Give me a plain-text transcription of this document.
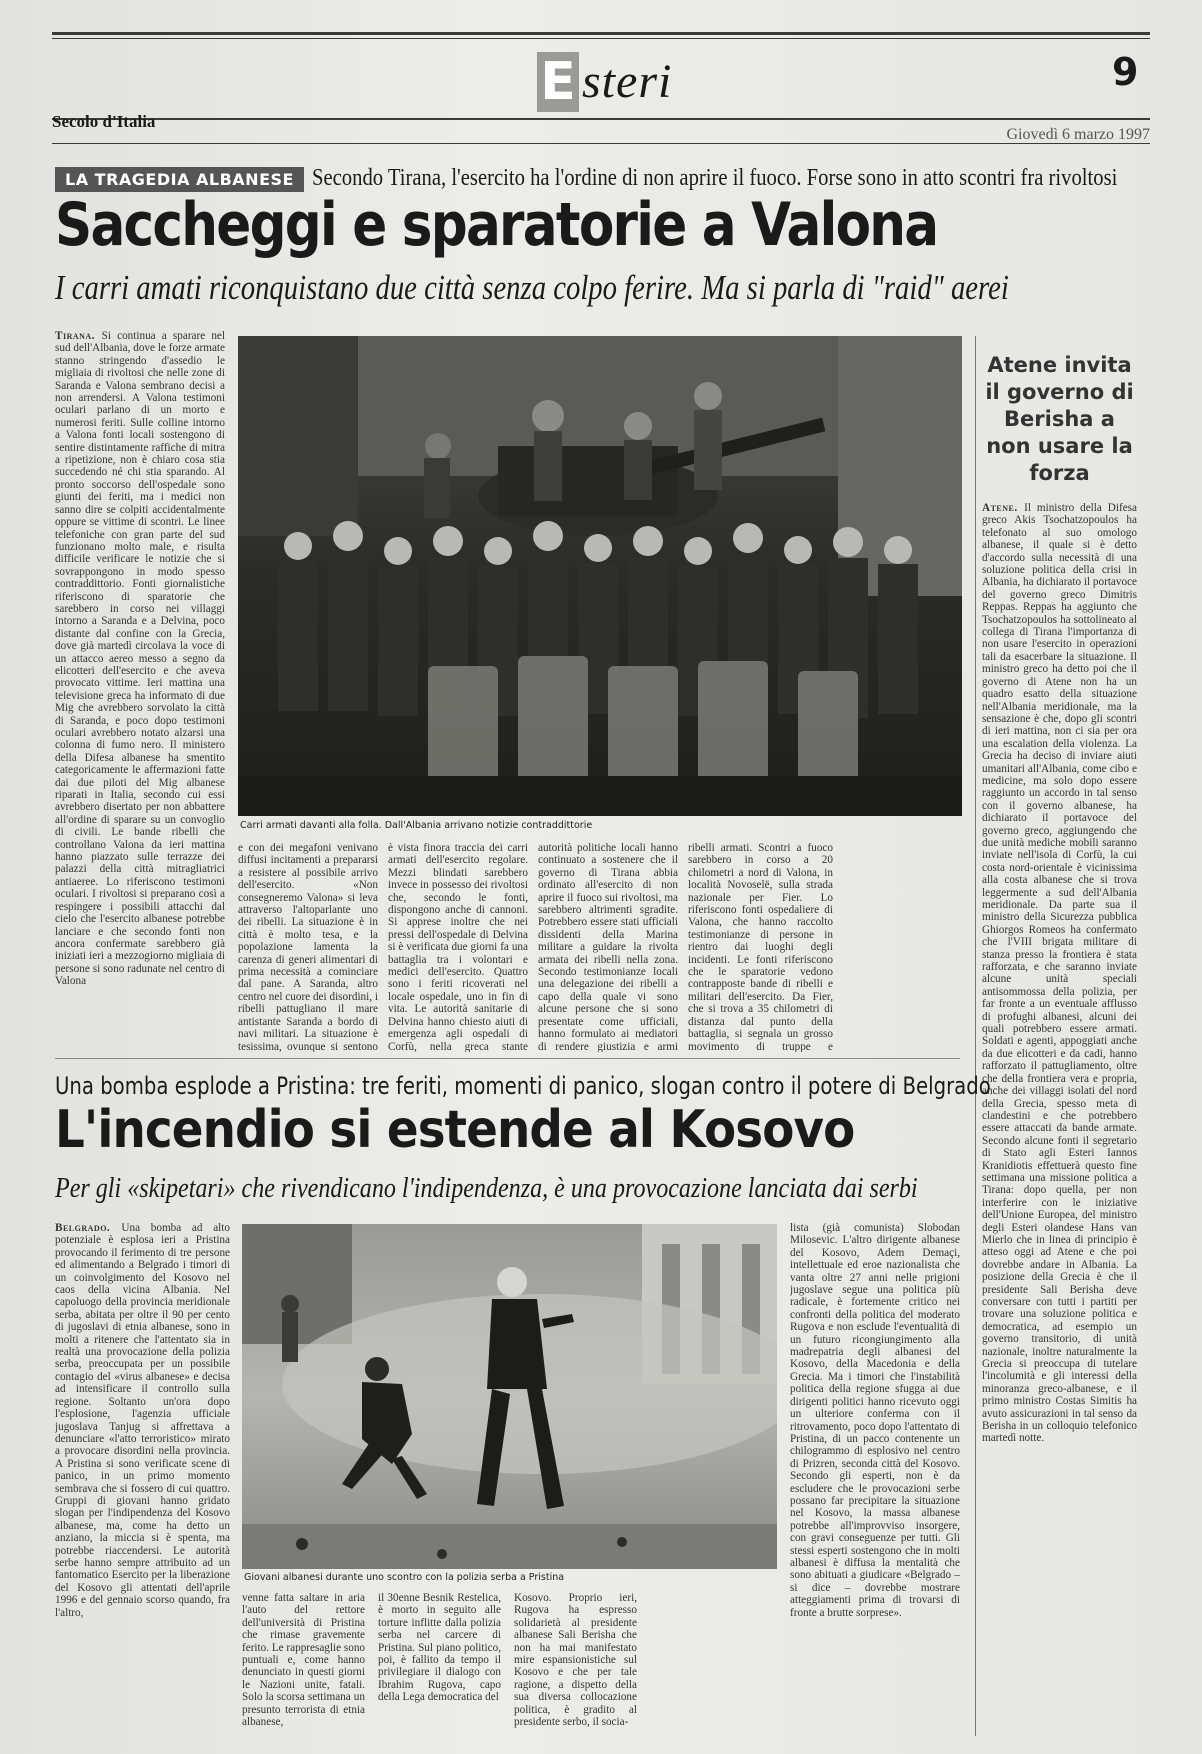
E steri	9
Secolo d'Italia
Giovedì 6 marzo 1997
LA TRAGEDIA ALBANESE Secondo Tirana, l'esercito ha l'ordine di non aprire il fuoco. Forse sono in atto scontri fra rivoltosi
Saccheggi e sparatorie a Valona
I carri amati riconquistano due città senza colpo ferire. Ma si parla di "raid" aerei
Tirana. Si continua a sparare nel sud dell'Albania, dove le forze armate stanno stringendo d'assedio le migliaia di rivoltosi che nelle zone di Saranda e Valona sembrano decisi a non arrendersi. A Valona testimoni oculari parlano di un morto e numerosi feriti. Sulle colline intorno a Valona fonti locali sostengono di sentire distintamente raffiche di mitra a ripetizione, non è chiaro cosa stia succedendo né chi stia sparando. Al pronto soccorso dell'ospedale sono giunti dei feriti, ma i medici non sanno dire se colpiti accidentalmente oppure se vittime di scontri. Le linee telefoniche con gran parte del sud funzionano molto male, e risulta difficile verificare le notizie che si sovrappongono in modo spesso contraddittorio. Fonti giornalistiche riferiscono di sparatorie che sarebbero in corso nei villaggi intorno a Saranda e a Delvina, poco distante dal confine con la Grecia, dove già martedì circolava la voce di un attacco aereo messo a segno da elicotteri dell'esercito e che aveva provocato vittime. Ieri mattina una televisione greca ha informato di due Mig che avrebbero sorvolato la città di Saranda, e poco dopo testimoni oculari avrebbero notato alzarsi una colonna di fumo nero. Il ministero della Difesa albanese ha smentito categoricamente le affermazioni fatte dai due piloti del Mig albanese riparati in Italia, secondo cui essi avrebbero disertato per non abbattere all'ordine di sparare su un convoglio di civili. Le bande ribelli che controllano Valona da ieri mattina hanno piazzato sulle terrazze dei palazzi della città mitragliatrici antiaeree. Lo riferiscono testimoni oculari. I rivoltosi si preparano così a respingere i possibili attacchi dal cielo che l'esercito albanese potrebbe lanciare e che secondo fonti non ancora confermate sarebbero già iniziati ieri a mezzogiorno migliaia di persone si sono radunate nel centro di Valona
Carri armati davanti alla folla. Dall'Albania arrivano notizie contraddittorie
e con dei megafoni venivano diffusi incitamenti a prepararsi a resistere al possibile arrivo dell'esercito. «Non consegneremo Valona» si leva attraverso l'altoparlante uno dei ribelli. La situazione è in città è molto tesa, e la popolazione lamenta la carenza di generi alimentari di prima necessità a cominciare dal pane. A Saranda, altro centro nel cuore dei disordini, i ribelli pattugliano il mare antistante Saranda a bordo di navi militari. La situazione è tesissima, ovunque si sentono
è vista finora traccia dei carri armati dell'esercito regolare. Mezzi blindati sarebbero invece in possesso dei rivoltosi che, secondo le fonti, dispongono anche di cannoni. Si apprese inoltre che nei pressi dell'ospedale di Delvina si è verificata due giorni fa una battaglia tra i volontari e medici dell'esercito. Quattro sono i feriti ricoverati nel locale ospedale, uno in fin di vita. Le autorità sanitarie di Delvina hanno chiesto aiuti di emergenza agli ospedali di Corfù, nella greca stante
autorità politiche locali hanno continuato a sostenere che il governo di Tirana abbia ordinato all'esercito di non aprire il fuoco sui rivoltosi, ma sarebbero altrimenti sgradite. Potrebbero essere stati ufficiali dissidenti della Marina militare a guidare la rivolta armata dei ribelli nella zona. Secondo testimonianze locali una delegazione dei ribelli a capo della quale vi sono alcune persone che si sono presentate come ufficiali, hanno formulato ai mediatori di rendere giustizia e armi
ribelli armati. Scontri a fuoco sarebbero in corso a 20 chilometri a nord di Valona, in località Novoselë, sulla strada nazionale per Fier. Lo riferiscono fonti ospedaliere di Valona, che hanno raccolto testimonianze di persone in rientro dai luoghi degli incidenti. Le fonti riferiscono che le sparatorie vedono contrapposte bande di ribelli e militari dell'esercito. Da Fier, che si trova a 35 chilometri di distanza dal punto della battaglia, si segnala un grosso movimento di truppe e
Atene invita il governo di Berisha a non usare la forza
Atene. Il ministro della Difesa greco Akis Tsochatzopoulos ha telefonato al suo omologo albanese, il quale si è detto d'accordo sulla necessità di una soluzione politica della crisi in Albania, ha dichiarato il portavoce del governo greco Dimitris Reppas. Reppas ha aggiunto che Tsochatzopoulos ha sottolineato al collega di Tirana l'importanza di non usare l'esercito in operazioni tali da esacerbare la situazione. Il ministro greco ha detto poi che il governo di Atene non ha un quadro esatto della situazione nell'Albania meridionale, ma la sensazione è che, dopo gli scontri di ieri mattina, non ci sia per ora una escalation della violenza. La Grecia ha deciso di inviare aiuti umanitari all'Albania, come cibo e medicine, ma solo dopo essere raggiunto un accordo in tal senso con il governo albanese, ha dichiarato il portavoce del governo greco, aggiungendo che due unità mediche mobili saranno inviate nell'isola di Corfù, la cui costa nord-orientale è vicinissima alla costa albanese che si trova leggermente a sud dell'Albania meridionale. Da parte sua il ministro della Sicurezza pubblica Ghiorgos Romeos ha confermato che l'VIII brigata militare di stanza presso la frontiera è stata rafforzata, e che saranno inviate alcune unità speciali antisommossa della polizia, per far fronte a un eventuale afflusso di profughi albanesi, alcuni dei quali potrebbero essere armati. Soldati e agenti, appoggiati anche da due elicotteri e da cadi, hanno rafforzato il pattugliamento, oltre che della frontiera vera e propria, anche dei villaggi isolati del nord della Grecia, spesso meta di clandestini e che potrebbero essere attaccati da bande armate. Secondo alcune fonti il segretario di Stato agli Esteri Iannos Kranidiotis effettuerà questo fine settimana una missione politica a Tirana: dopo quella, per non interferire con le iniziative dell'Unione Europea, del ministro degli Esteri olandese Hans van Mierlo che in linea di principio è atteso oggi ad Atene e che poi dovrebbe andare in Albania. La posizione della Grecia è che il presidente Sali Berisha deve conversare con tutti i partiti per trovare una soluzione politica e democratica, ad esempio un governo transitorio, di unità nazionale, inoltre naturalmente la Grecia si preoccupa di tutelare l'incolumità e gli interessi della minoranza greco-albanese, e il primo ministro Costas Simitis ha avuto assicurazioni in tal senso da Berisha in un colloquio telefonico martedì notte.
Una bomba esplode a Pristina: tre feriti, momenti di panico, slogan contro il potere di Belgrado
L'incendio si estende al Kosovo
Per gli «skipetari» che rivendicano l'indipendenza, è una provocazione lanciata dai serbi
Belgrado. Una bomba ad alto potenziale è esplosa ieri a Pristina provocando il ferimento di tre persone ed alimentando a Belgrado i timori di un coinvolgimento del Kosovo nel caos della vicina Albania. Nel capoluogo della provincia meridionale serba, abitata per oltre il 90 per cento di jugoslavi di etnia albanese, sono in molti a ritenere che l'attentato sia in realtà una provocazione della polizia serba, preoccupata per un possibile contagio del «virus albanese» e decisa ad intensificare il controllo sulla regione. Soltanto un'ora dopo l'esplosione, l'agenzia ufficiale jugoslava Tanjug si affrettava a denunciare «l'atto terroristico» mirato a provocare disordini nella provincia. A Pristina si sono verificate scene di panico, in un primo momento sembrava che si fossero di cui quattro. Gruppi di giovani hanno gridato slogan per l'indipendenza del Kosovo albanese, ma, come ha detto un anziano, la miccia si è spenta, ma potrebbe riaccendersi. Le autorità serbe hanno sempre attribuito ad un fantomatico Esercito per la liberazione del Kosovo gli attentati dell'aprile 1996 e del gennaio scorso quando, fra l'altro,
Giovani albanesi durante uno scontro con la polizia serba a Pristina
venne fatta saltare in aria l'auto del rettore dell'università di Pristina che rimase gravemente ferito. Le rappresaglie sono puntuali e, come hanno denunciato in questi giorni le Nazioni unite, fatali. Solo la scorsa settimana un presunto terrorista di etnia albanese,
il 30enne Besnik Restelica, è morto in seguito alle torture inflitte dalla polizia serba nel carcere di Pristina. Sul piano politico, poi, è fallito da tempo il privilegiare il dialogo con Ibrahim Rugova, capo della Lega democratica del
Kosovo. Proprio ieri, Rugova ha espresso solidarietà al presidente albanese Sali Berisha che non ha mai manifestato mire espansionistiche sul Kosovo e che per tale ragione, a dispetto della sua diversa collocazione politica, è gradito al presidente serbo, il socia-
lista (già comunista) Slobodan Milosevic. L'altro dirigente albanese del Kosovo, Adem Demaçi, intellettuale ed eroe nazionalista che vanta oltre 27 anni nelle prigioni jugoslave segue una politica più radicale, è fortemente critico nei confronti della politica del moderato Rugova e non esclude l'eventualità di un futuro ricongiungimento alla madrepatria degli albanesi del Kosovo, della Macedonia e della Grecia. Ma i timori che l'instabilità politica della regione sfugga ai due dirigenti politici hanno ricevuto oggi un ulteriore conferma con il ritrovamento, poco dopo l'attentato di Pristina, di un pacco contenente un chilogrammo di esplosivo nel centro di Prizren, seconda città del Kosovo. Secondo gli esperti, non è da escludere che le provocazioni serbe possano far precipitare la situazione nel Kosovo, la massa albanese potrebbe all'improvviso insorgere, con gravi conseguenze per tutti. Gli stessi esperti sostengono che in molti albanesi è diffusa la mentalità che sono abituati a giudicare «Belgrado – si dice – dovrebbe mostrare atteggiamenti prima di trovarsi di fronte a brutte sorprese».
